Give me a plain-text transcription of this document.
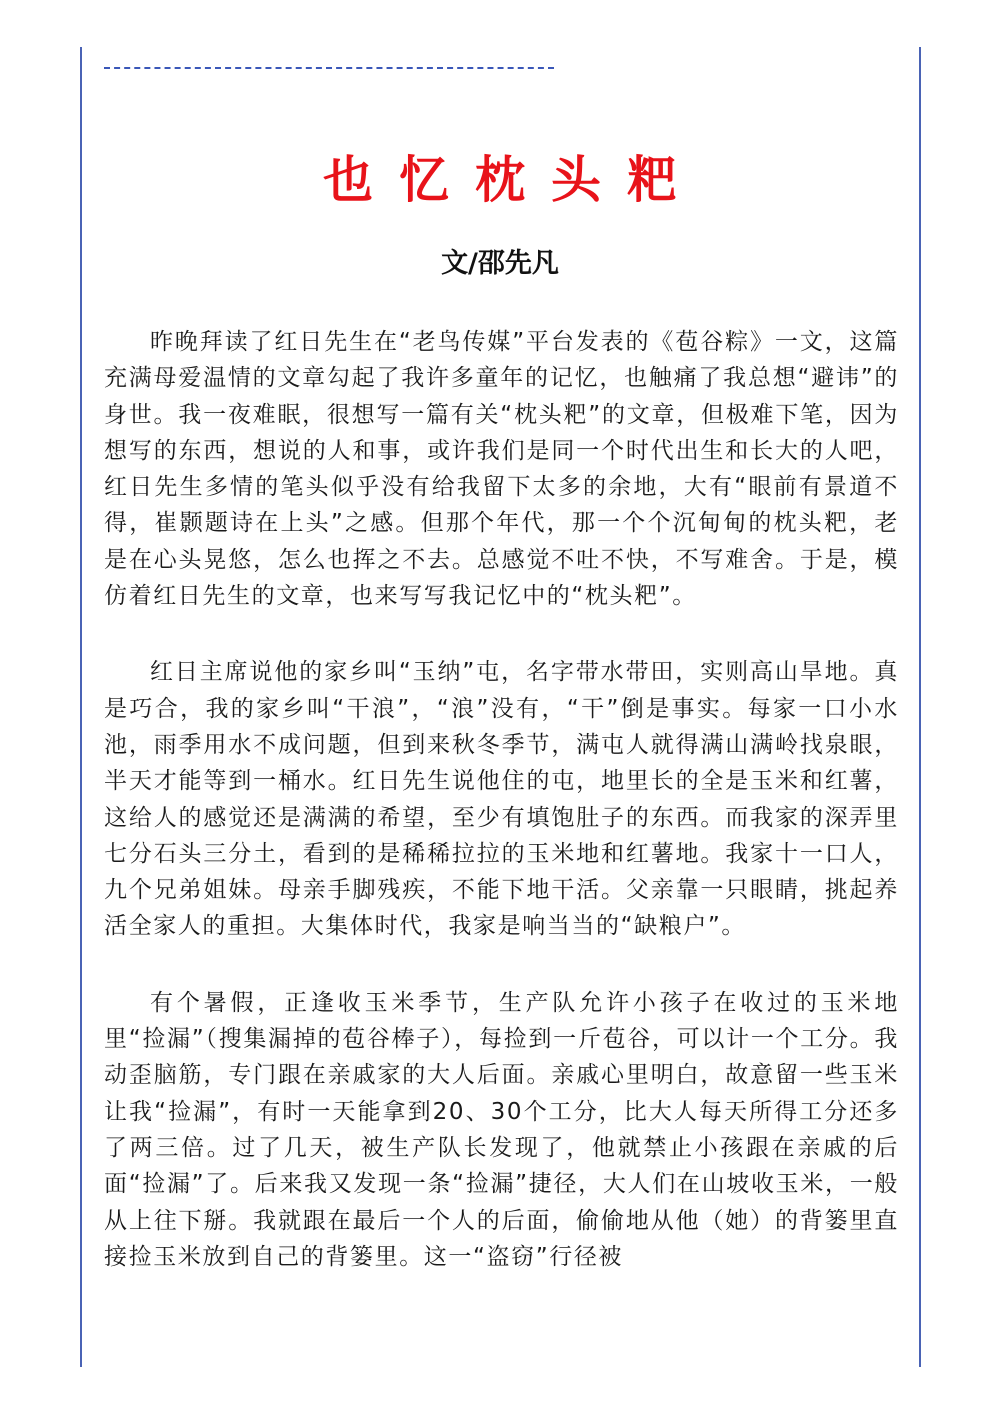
也忆枕头粑
文/邵先凡

昨晚拜读了红日先生在“老鸟传媒”平台发表的《苞谷粽》一文，这篇充满母爱温情的文章勾起了我许多童年的记忆，也触痛了我总想“避讳”的身世。我一夜难眠，很想写一篇有关“枕头粑”的文章，但极难下笔，因为想写的东西，想说的人和事，或许我们是同一个时代出生和长大的人吧，红日先生多情的笔头似乎没有给我留下太多的余地，大有“眼前有景道不得，崔颢题诗在上头”之感。但那个年代，那一个个沉甸甸的枕头粑，老是在心头晃悠，怎么也挥之不去。总感觉不吐不快，不写难舍。于是，模仿着红日先生的文章，也来写写我记忆中的“枕头粑”。

红日主席说他的家乡叫“玉纳”屯，名字带水带田，实则高山旱地。真是巧合，我的家乡叫“干浪”，“浪”没有，“干”倒是事实。每家一口小水池，雨季用水不成问题，但到来秋冬季节，满屯人就得满山满岭找泉眼，半天才能等到一桶水。红日先生说他住的屯，地里长的全是玉米和红薯，这给人的感觉还是满满的希望，至少有填饱肚子的东西。而我家的深弄里七分石头三分土，看到的是稀稀拉拉的玉米地和红薯地。我家十一口人，九个兄弟姐妹。母亲手脚残疾，不能下地干活。父亲靠一只眼睛，挑起养活全家人的重担。大集体时代，我家是响当当的“缺粮户”。

有个暑假，正逢收玉米季节，生产队允许小孩子在收过的玉米地里“捡漏”（搜集漏掉的苞谷棒子），每捡到一斤苞谷，可以计一个工分。我动歪脑筋，专门跟在亲戚家的大人后面。亲戚心里明白，故意留一些玉米让我“捡漏”，有时一天能拿到20、30个工分，比大人每天所得工分还多了两三倍。过了几天，被生产队长发现了，他就禁止小孩跟在亲戚的后面“捡漏”了。后来我又发现一条“捡漏”捷径，大人们在山坡收玉米，一般从上往下掰。我就跟在最后一个人的后面，偷偷地从他（她）的背篓里直接捡玉米放到自己的背篓里。这一“盗窃”行径被
